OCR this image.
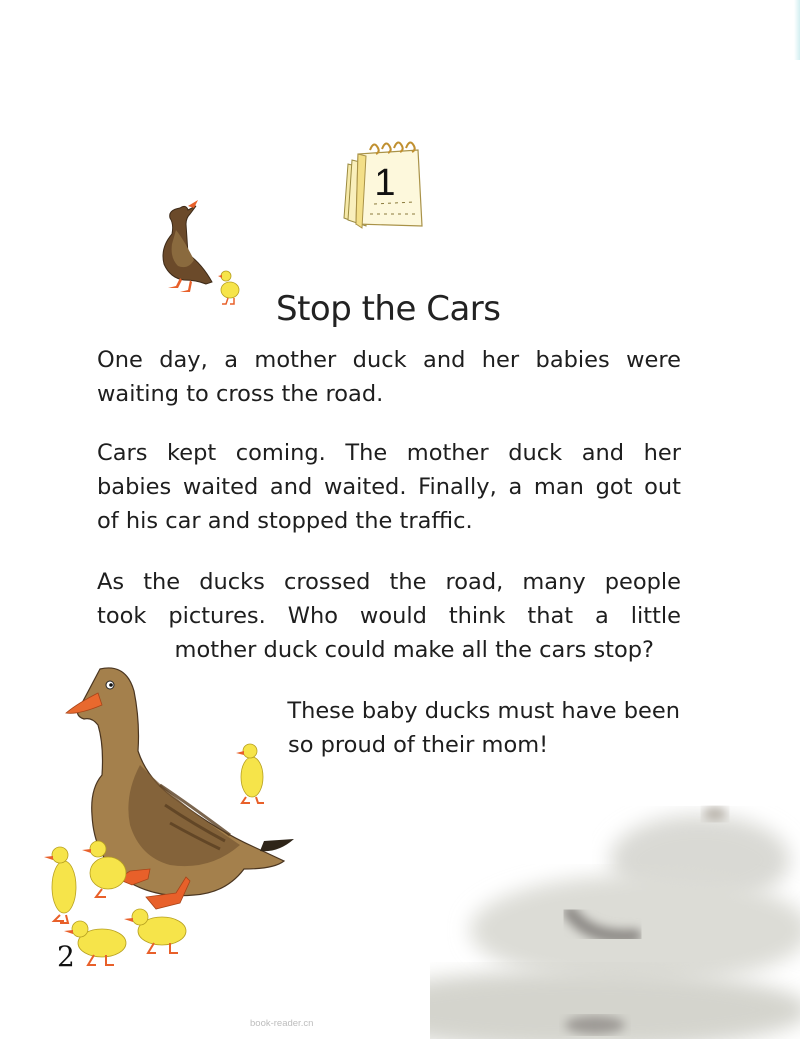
1
Stop the Cars
One day, a mother duck and her babies were
waiting to cross the road.
Cars kept coming. The mother duck and her
babies waited and waited. Finally, a man got out
of his car and stopped the traffic.
As the ducks crossed the road, many people
took pictures. Who would think that a little
mother duck could make all the cars stop?
These baby ducks must have been
so proud of their mom!
2
book-reader.cn
